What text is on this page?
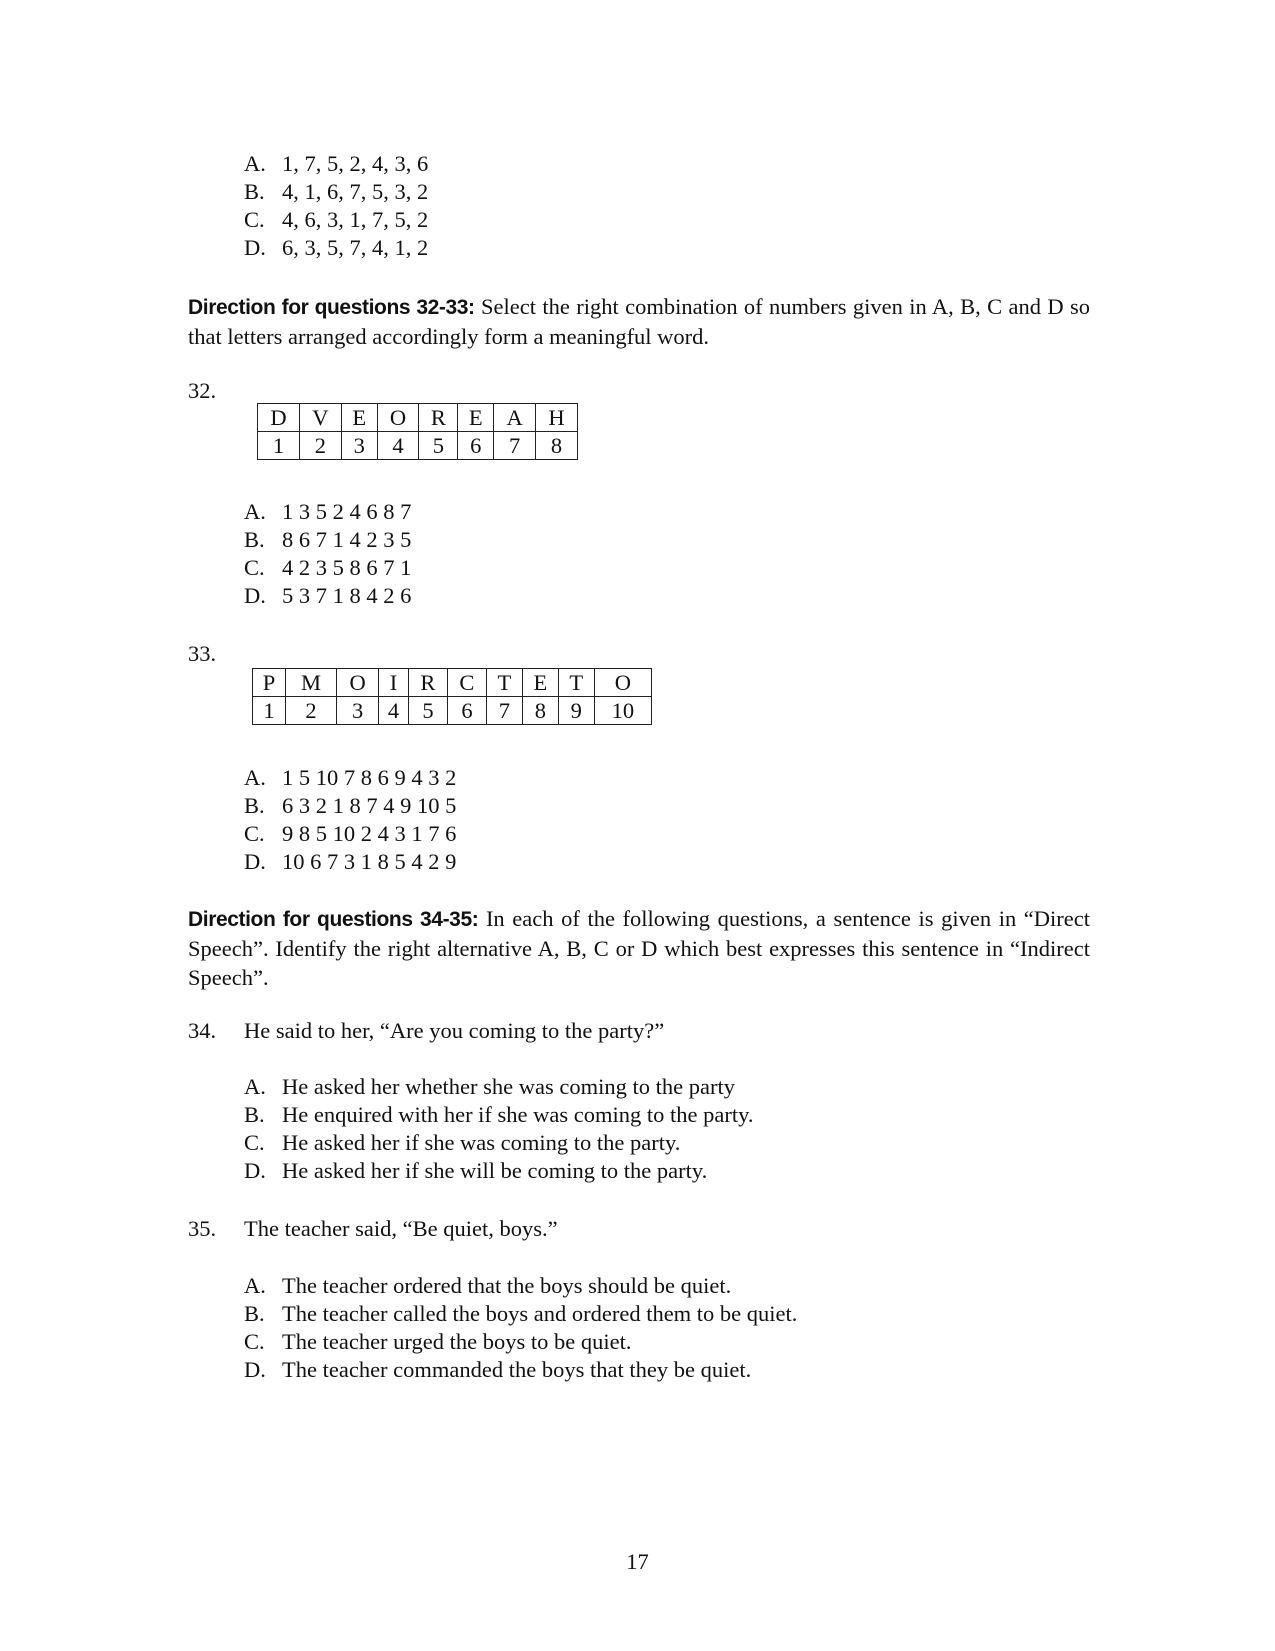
A. 1, 7, 5, 2, 4, 3, 6
B. 4, 1, 6, 7, 5, 3, 2
C. 4, 6, 3, 1, 7, 5, 2
D. 6, 3, 5, 7, 4, 1, 2
Direction for questions 32-33: Select the right combination of numbers given in A, B, C and D so that letters arranged accordingly form a meaningful word.
32.
D	V	E	O	R	E	A	H
1	2	3	4	5	6	7	8
A. 1 3 5 2 4 6 8 7
B. 8 6 7 1 4 2 3 5
C. 4 2 3 5 8 6 7 1
D. 5 3 7 1 8 4 2 6
33.
P	M	O	I	R	C	T	E	T	O
1	2	3	4	5	6	7	8	9	10
A. 1 5 10 7 8 6 9 4 3 2
B. 6 3 2 1 8 7 4 9 10 5
C. 9 8 5 10 2 4 3 1 7 6
D. 10 6 7 3 1 8 5 4 2 9
Direction for questions 34-35: In each of the following questions, a sentence is given in “Direct Speech”. Identify the right alternative A, B, C or D which best expresses this sentence in “Indirect Speech”.
34. He said to her, “Are you coming to the party?”
A. He asked her whether she was coming to the party
B. He enquired with her if she was coming to the party.
C. He asked her if she was coming to the party.
D. He asked her if she will be coming to the party.
35. The teacher said, “Be quiet, boys.”
A. The teacher ordered that the boys should be quiet.
B. The teacher called the boys and ordered them to be quiet.
C. The teacher urged the boys to be quiet.
D. The teacher commanded the boys that they be quiet.
17
